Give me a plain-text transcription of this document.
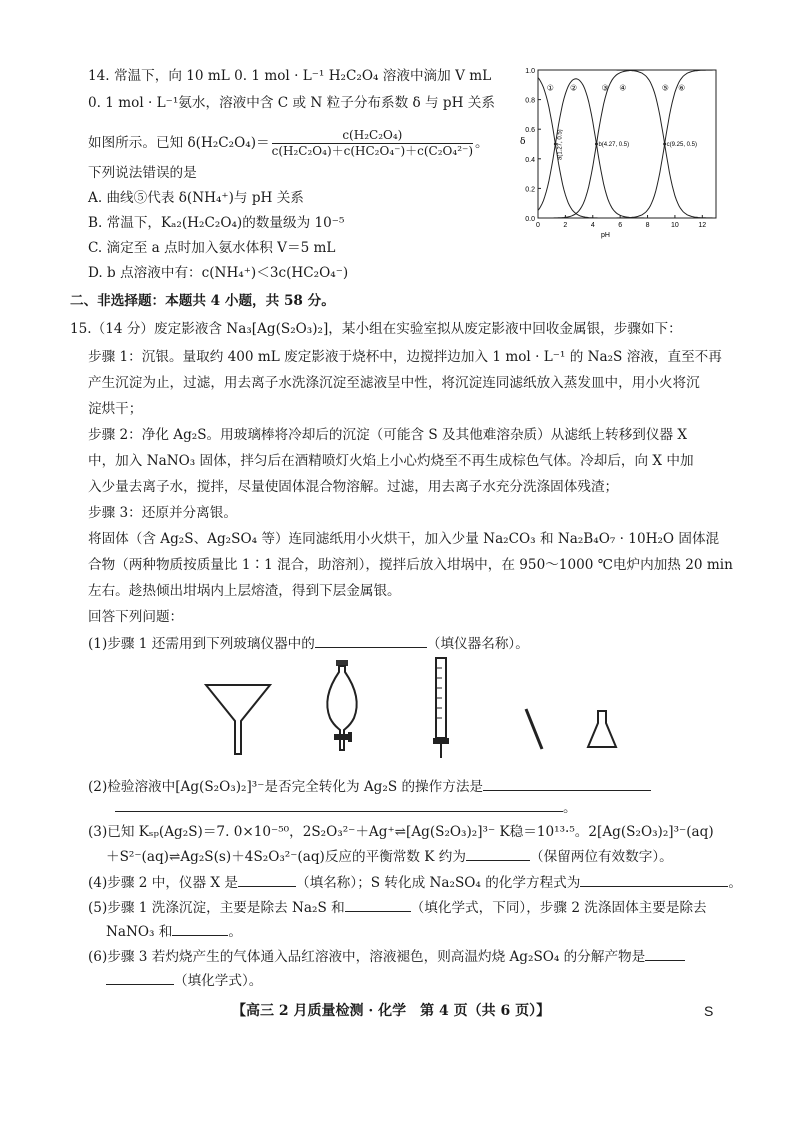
14. 常温下，向 10 mL 0. 1 mol · L⁻¹ H₂C₂O₄ 溶液中滴加 V mL
0. 1 mol · L⁻¹氨水，溶液中含 C 或 N 粒子分布系数 δ 与 pH 关系
如图所示。已知 $\delta(H_2C_2O_4)= \frac{\text{c(H₂C₂O₄)}}{\text{c(H₂C₂O₄)＋c(HC₂O₄⁻)＋c(C₂O₄²⁻)}}$ 。
下列说法错误的是
A. 曲线⑤代表 δ(NH₄⁺)与 pH 关系
B. 常温下，Kₐ₂(H₂C₂O₄)的数量级为 10⁻⁵
C. 滴定至 a 点时加入氨水体积 V＝5 mL
D. b 点溶液中有：c(NH₄⁺)＜3c(HC₂O₄⁻)
0.0
0.2
0.4
0.6
0.8
1.0
0	2	4	6	8	10	12
pH
δ
① ②	③ ④	⑤ ⑥
a(1.27, 0.5)	b(4.27, 0.5)	c(9.25, 0.5)
二、非选择题：本题共 4 小题，共 58 分。
15.（14 分）废定影液含 Na₃[Ag(S₂O₃)₂]，某小组在实验室拟从废定影液中回收金属银，步骤如下：
步骤 1：沉银。量取约 400 mL 废定影液于烧杯中，边搅拌边加入 1 mol · L⁻¹ 的 Na₂S 溶液，直至不再
产生沉淀为止，过滤，用去离子水洗涤沉淀至滤液呈中性，将沉淀连同滤纸放入蒸发皿中，用小火将沉
淀烘干；
步骤 2：净化 Ag₂S。用玻璃棒将冷却后的沉淀（可能含 S 及其他难溶杂质）从滤纸上转移到仪器 X
中，加入 NaNO₃ 固体，拌匀后在酒精喷灯火焰上小心灼烧至不再生成棕色气体。冷却后，向 X 中加
入少量去离子水，搅拌，尽量使固体混合物溶解。过滤，用去离子水充分洗涤固体残渣；
步骤 3：还原并分离银。
将固体（含 Ag₂S、Ag₂SO₄ 等）连同滤纸用小火烘干，加入少量 Na₂CO₃ 和 Na₂B₄O₇ · 10H₂O 固体混
合物（两种物质按质量比 1∶1 混合，助溶剂），搅拌后放入坩埚中，在 950～1000 ℃电炉内加热 20 min
左右。趁热倾出坩埚内上层熔渣，得到下层金属银。
回答下列问题：
(1)步骤 1 还需用到下列玻璃仪器中的	（填仪器名称）。
(2)检验溶液中[Ag(S₂O₃)₂]³⁻是否完全转化为 Ag₂S 的操作方法是
。
(3)已知 Kₛₚ(Ag₂S)＝7. 0×10⁻⁵⁰，2S₂O₃²⁻＋Ag⁺⇌[Ag(S₂O₃)₂]³⁻ K稳＝10¹³·⁵。2[Ag(S₂O₃)₂]³⁻(aq)
＋S²⁻(aq)⇌Ag₂S(s)＋4S₂O₃²⁻(aq)反应的平衡常数 K 约为	（保留两位有效数字）。
(4)步骤 2 中，仪器 X 是	（填名称）；S 转化成 Na₂SO₄ 的化学方程式为	。
(5)步骤 1 洗涤沉淀，主要是除去 Na₂S 和	（填化学式，下同），步骤 2 洗涤固体主要是除去
NaNO₃ 和	。
(6)步骤 3 若灼烧产生的气体通入品红溶液中，溶液褪色，则高温灼烧 Ag₂SO₄ 的分解产物是
（填化学式）。
【高三 2 月质量检测 · 化学　第 4 页（共 6 页）】	S
